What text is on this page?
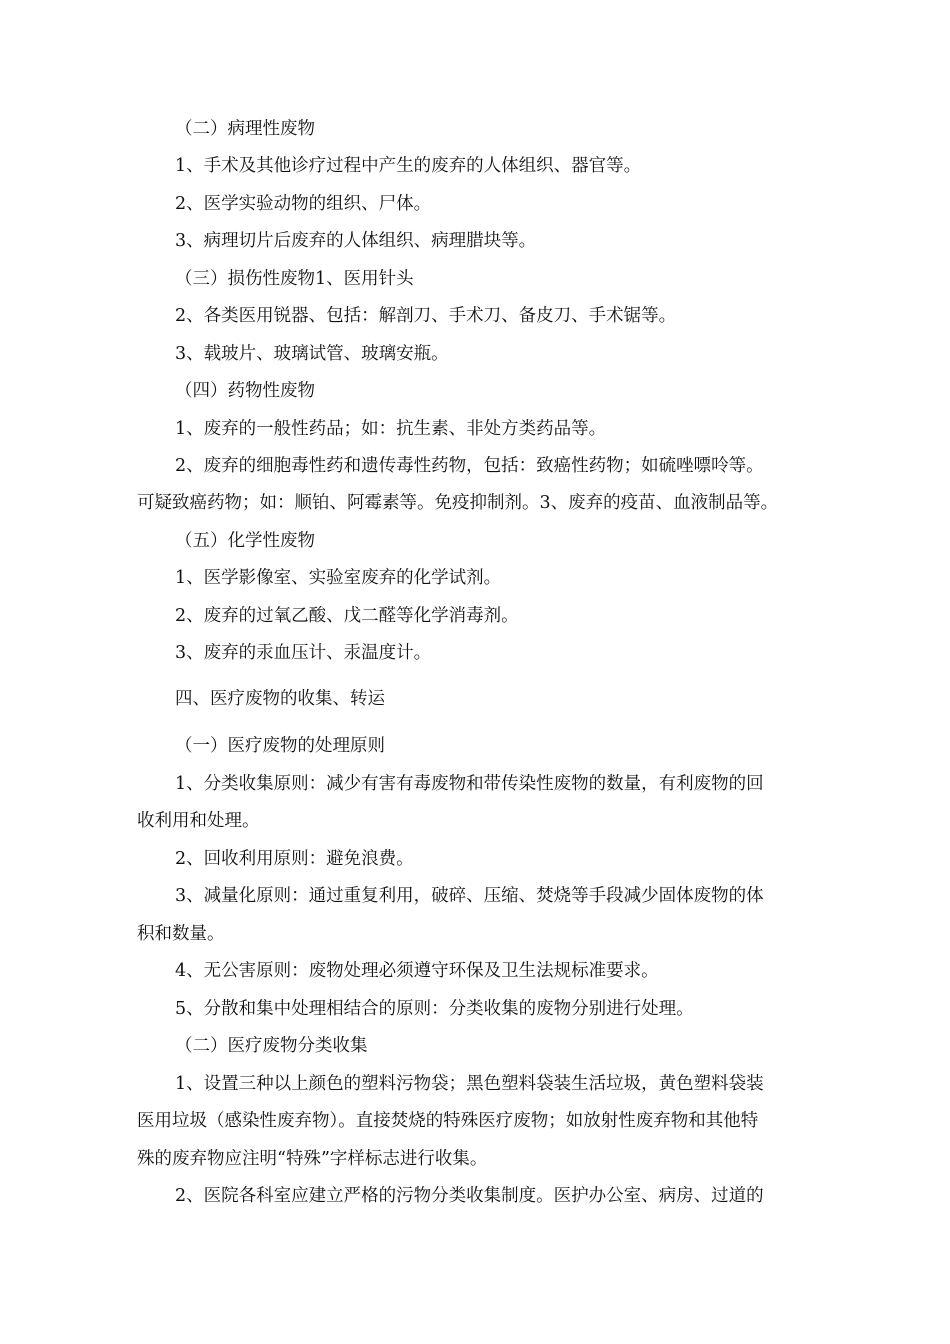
（二）病理性废物
1、手术及其他诊疗过程中产生的废弃的人体组织、器官等。
2、医学实验动物的组织、尸体。
3、病理切片后废弃的人体组织、病理腊块等。
（三）损伤性废物1、医用针头
2、各类医用锐器、包括：解剖刀、手术刀、备皮刀、手术锯等。
3、载玻片、玻璃试管、玻璃安瓶。
（四）药物性废物
1、废弃的一般性药品；如：抗生素、非处方类药品等。
2、废弃的细胞毒性药和遗传毒性药物，包括：致癌性药物；如硫唑嘌呤等。
可疑致癌药物；如：顺铂、阿霉素等。免疫抑制剂。3、废弃的疫苗、血液制品等。
（五）化学性废物
1、医学影像室、实验室废弃的化学试剂。
2、废弃的过氧乙酸、戊二醛等化学消毒剂。
3、废弃的汞血压计、汞温度计。
四、医疗废物的收集、转运
（一）医疗废物的处理原则
1、分类收集原则：减少有害有毒废物和带传染性废物的数量，有利废物的回
收利用和处理。
2、回收利用原则：避免浪费。
3、减量化原则：通过重复利用，破碎、压缩、焚烧等手段减少固体废物的体
积和数量。
4、无公害原则：废物处理必须遵守环保及卫生法规标准要求。
5、分散和集中处理相结合的原则：分类收集的废物分别进行处理。
（二）医疗废物分类收集
1、设置三种以上颜色的塑料污物袋；黑色塑料袋装生活垃圾，黄色塑料袋装
医用垃圾（感染性废弃物）。直接焚烧的特殊医疗废物；如放射性废弃物和其他特
殊的废弃物应注明“特殊”字样标志进行收集。
2、医院各科室应建立严格的污物分类收集制度。医护办公室、病房、过道的
